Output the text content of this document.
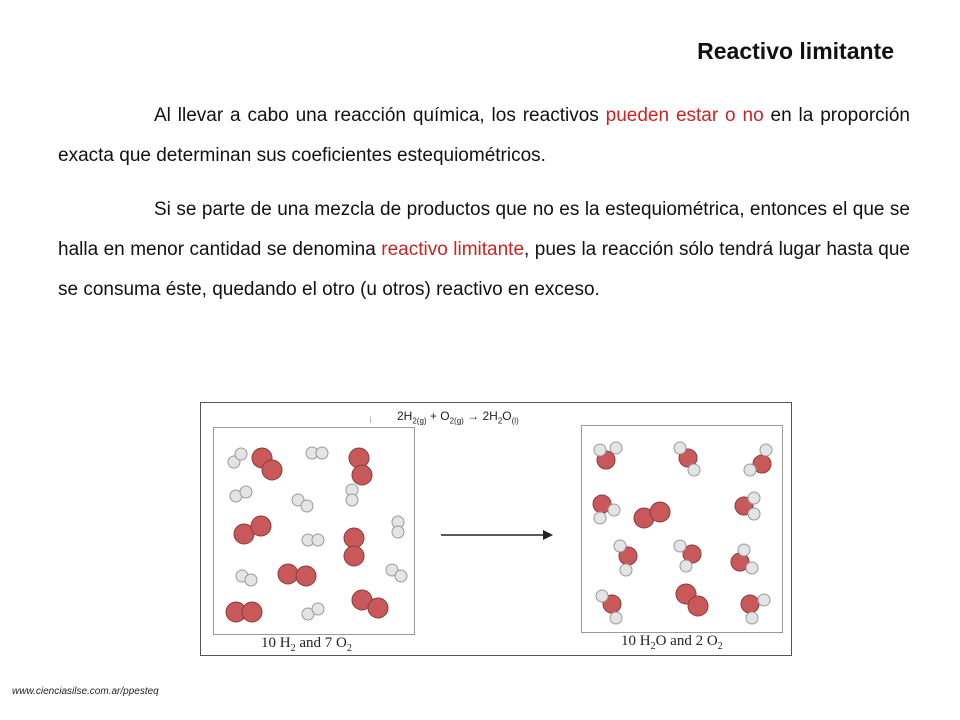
Reactivo limitante
Al llevar a cabo una reacción química, los reactivos pueden estar o no en la proporción exacta que determinan sus coeficientes estequiométricos.
Si se parte de una mezcla de productos que no es la estequiométrica, entonces el que se halla en menor cantidad se denomina reactivo limitante, pues la reacción sólo tendrá lugar hasta que se consuma éste, quedando el otro (u otros) reactivo en exceso.
¡ $2H_{2(g)} + O_{2(g)} \to 2H_2O_{(l)}$
10 $H_2$ and 7 $O_2$	10 $H_2O$ and 2 $O_2$
www.cienciasilse.com.ar/ppesteq
